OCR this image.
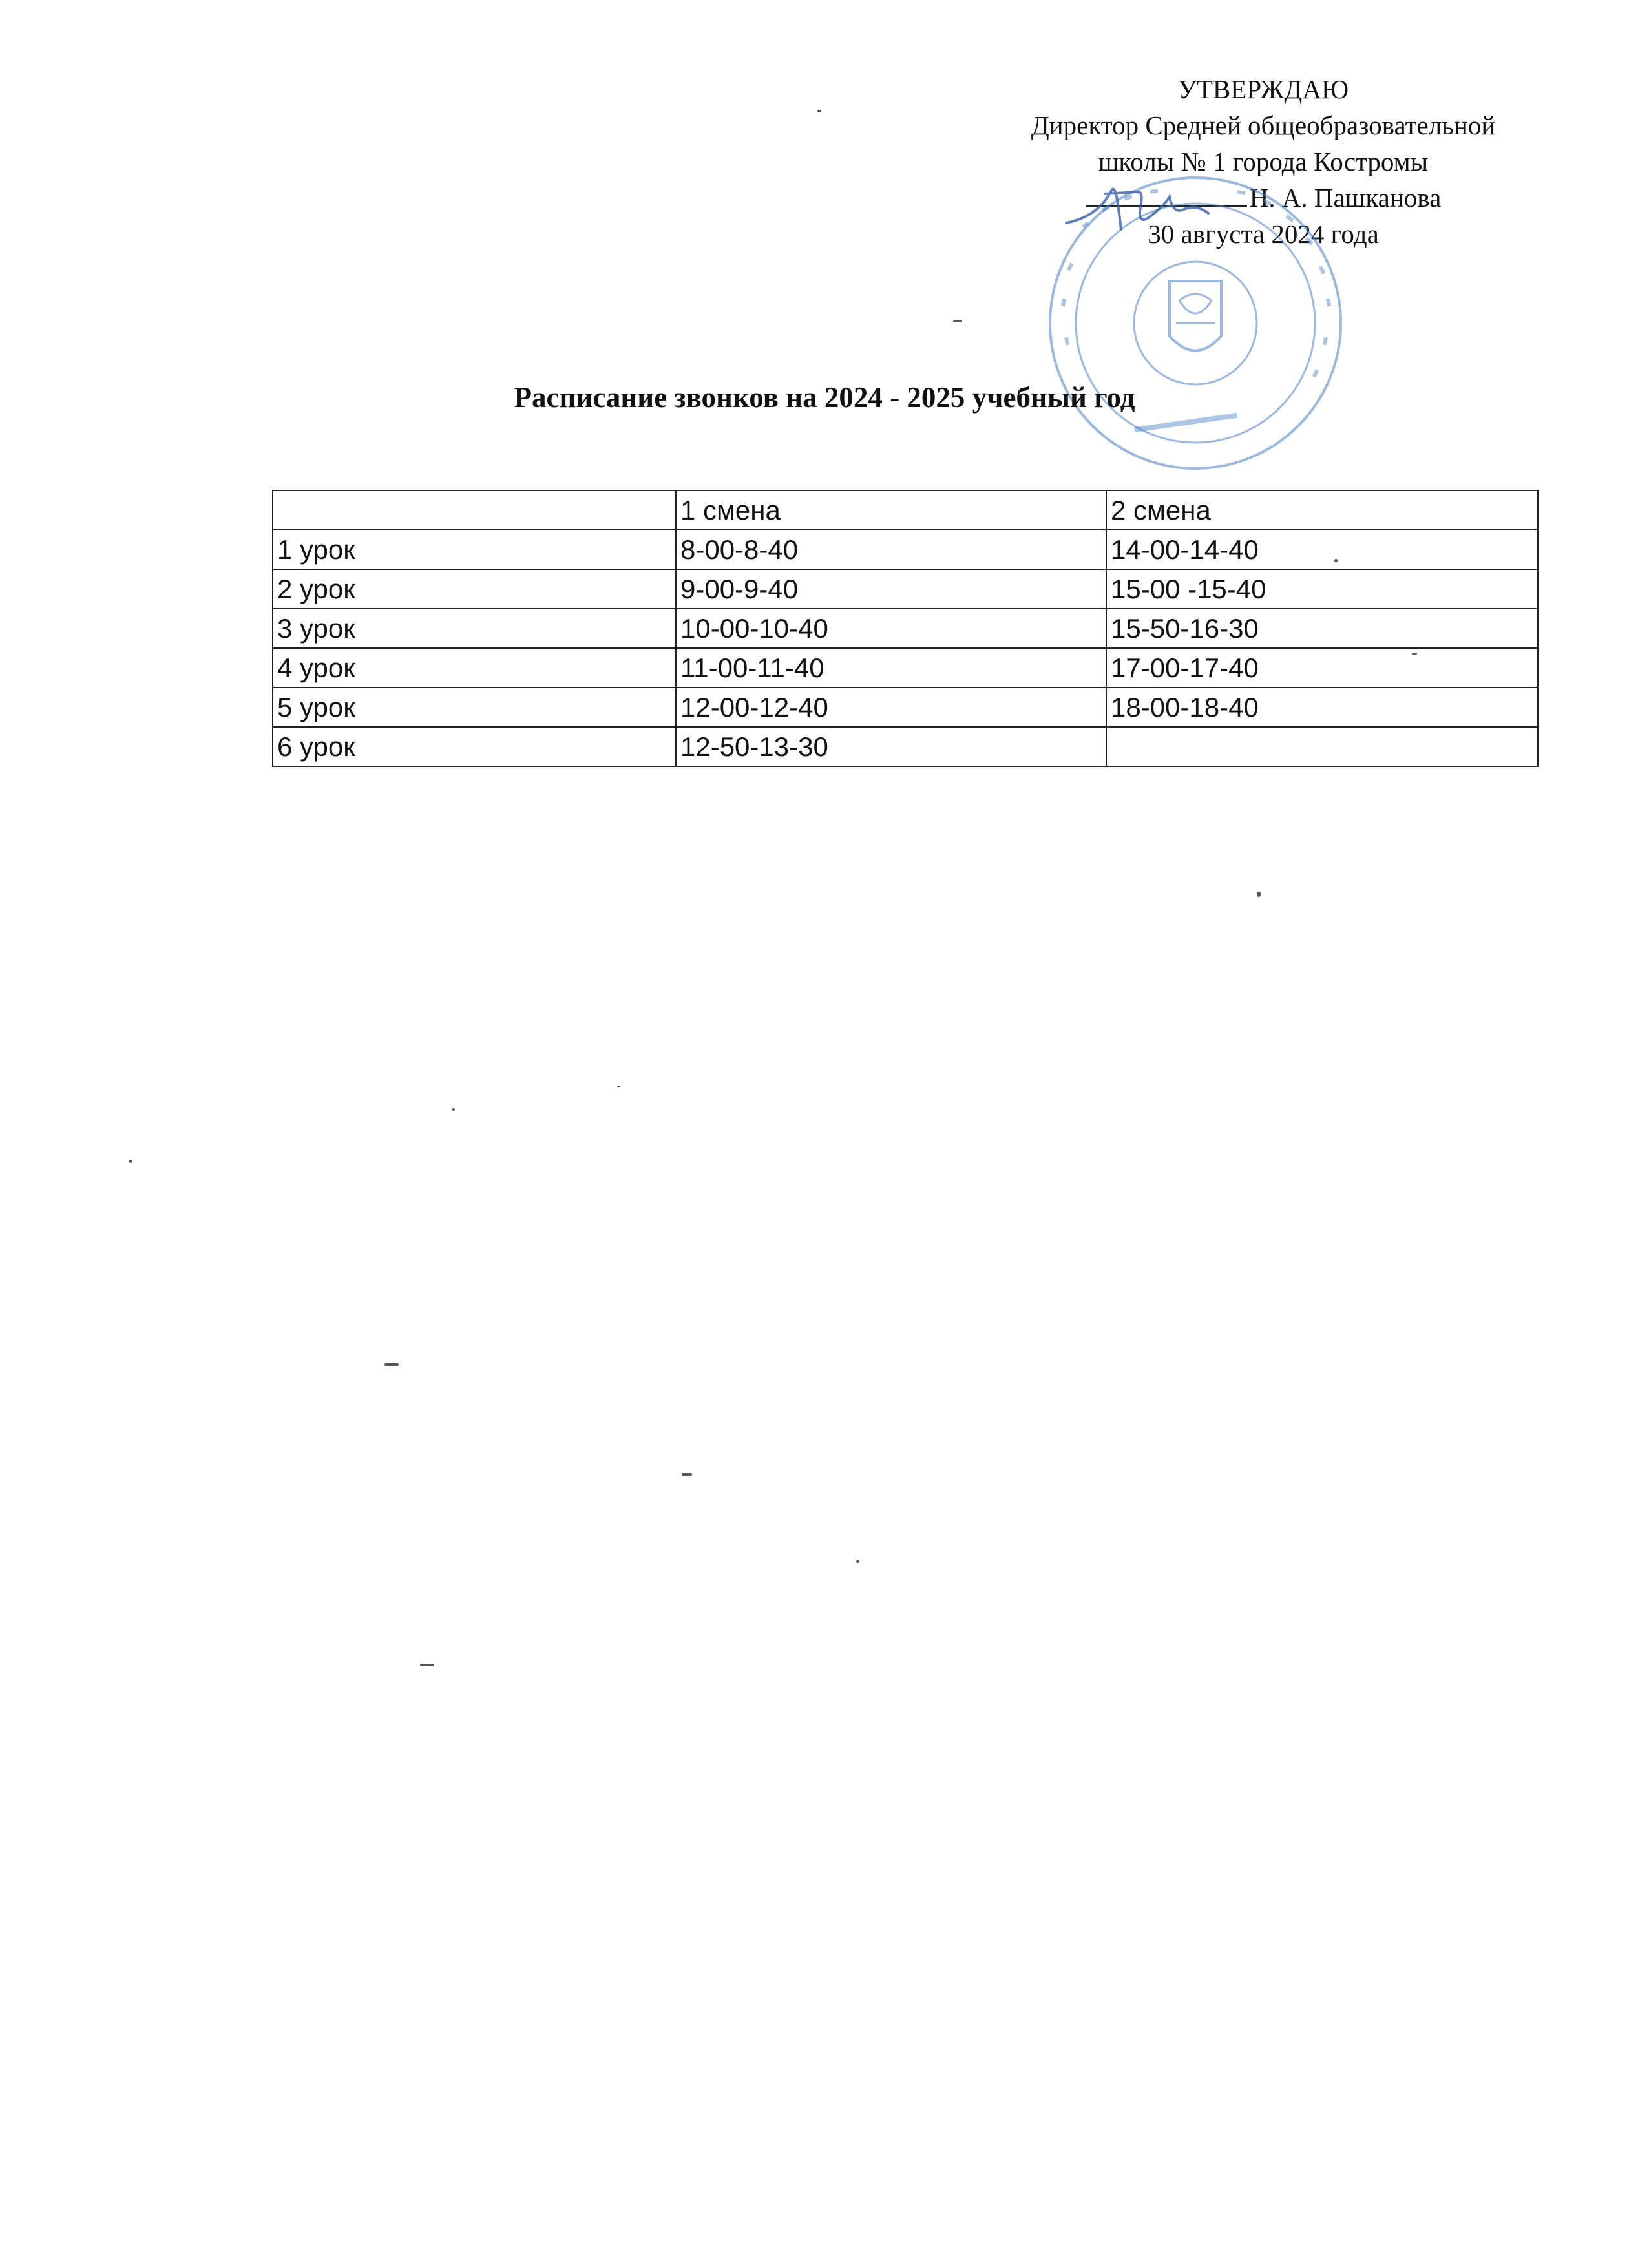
УТВЕРЖДАЮ
Директор Средней общеобразовательной
школы № 1 города Костромы
Н. А. Пашканова
30 августа 2024 года
Расписание звонков на 2024 - 2025 учебный год
	1 смена	2 смена
1 урок	8-00-8-40	14-00-14-40
2 урок	9-00-9-40	15-00 -15-40
3 урок	10-00-10-40	15-50-16-30
4 урок	11-00-11-40	17-00-17-40
5 урок	12-00-12-40	18-00-18-40
6 урок	12-50-13-30	
